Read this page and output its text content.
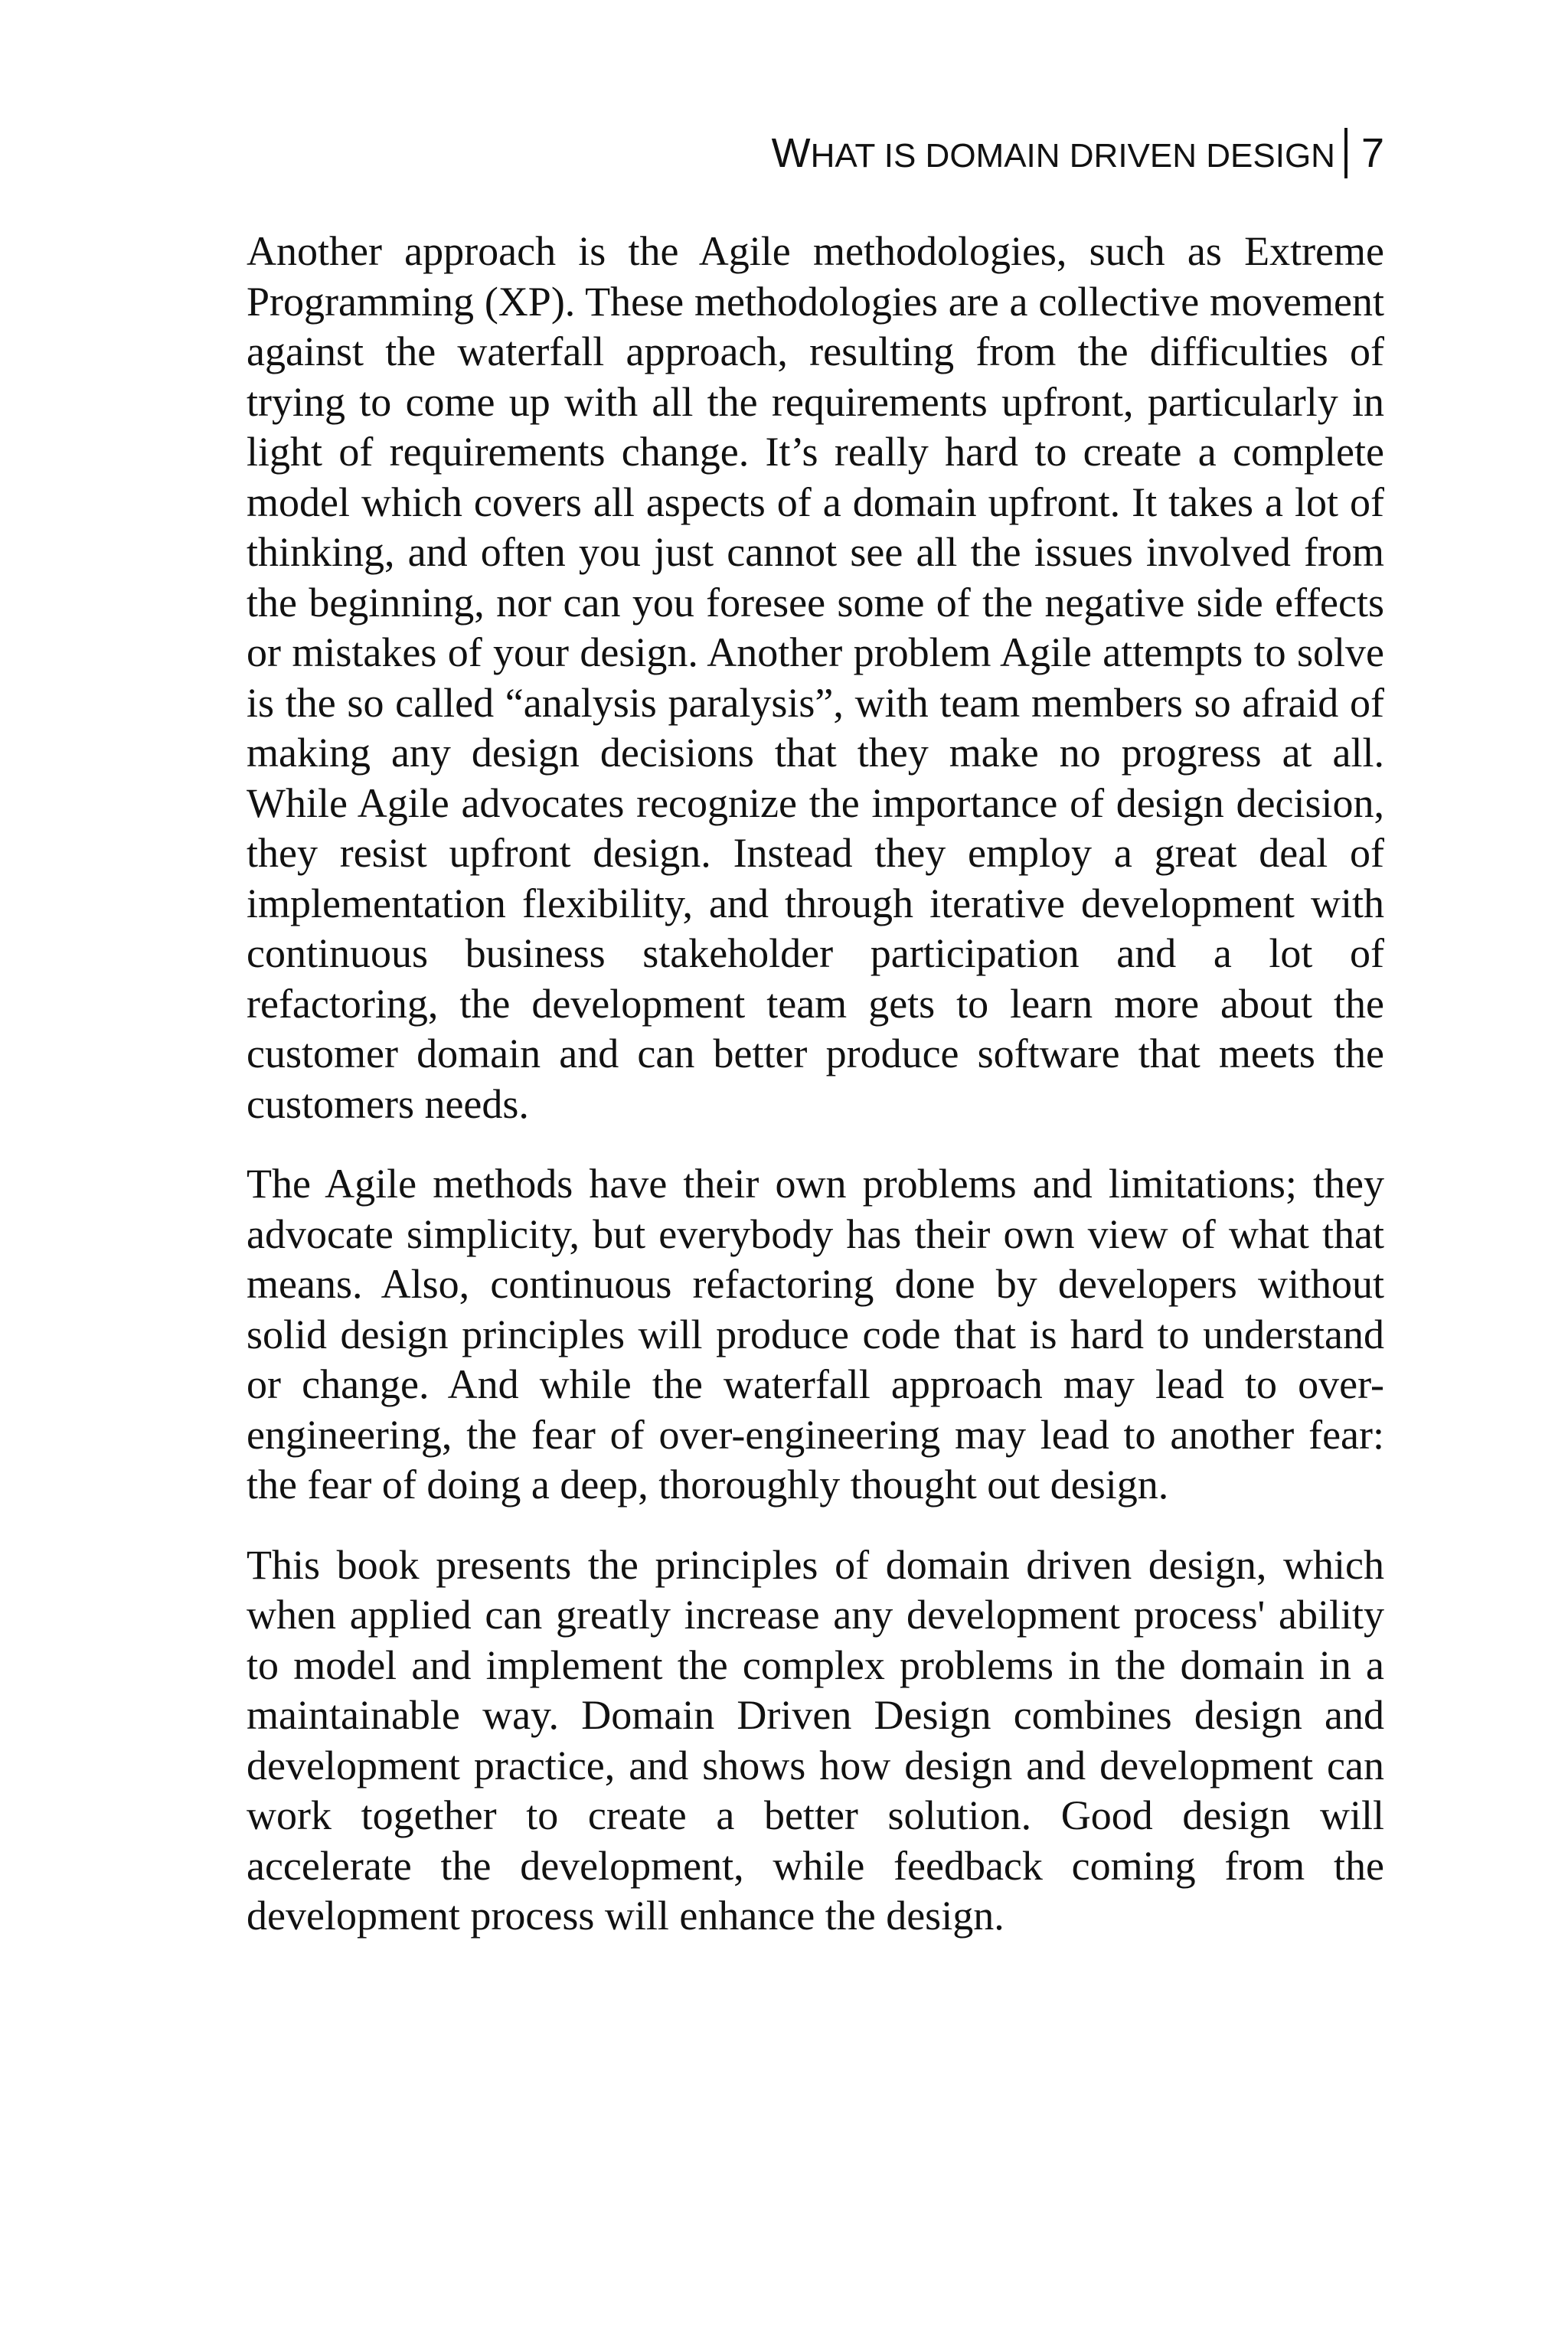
WHAT IS DOMAIN DRIVEN DESIGN 7

Another approach is the Agile methodologies, such as Extreme Programming (XP). These methodologies are a collective movement against the waterfall approach, resulting from the difficulties of trying to come up with all the requirements upfront, particularly in light of requirements change. It’s really hard to create a complete model which covers all aspects of a domain upfront. It takes a lot of thinking, and often you just cannot see all the issues involved from the beginning, nor can you foresee some of the negative side effects or mistakes of your design. Another problem Agile attempts to solve is the so called “analysis paralysis”, with team members so afraid of making any design decisions that they make no progress at all. While Agile advocates recognize the importance of design decision, they resist upfront design. Instead they employ a great deal of implementation flexibility, and through iterative development with continuous business stakeholder participation and a lot of refactoring, the development team gets to learn more about the customer domain and can better produce software that meets the customers needs.

The Agile methods have their own problems and limitations; they advocate simplicity, but everybody has their own view of what that means. Also, continuous refactoring done by developers without solid design principles will produce code that is hard to understand or change. And while the waterfall approach may lead to over-engineering, the fear of over-engineering may lead to another fear: the fear of doing a deep, thoroughly thought out design.

This book presents the principles of domain driven design, which when applied can greatly increase any development process' ability to model and implement the complex problems in the domain in a maintainable way. Domain Driven Design combines design and development practice, and shows how design and development can work together to create a better solution. Good design will accelerate the development, while feedback coming from the development process will enhance the design.
